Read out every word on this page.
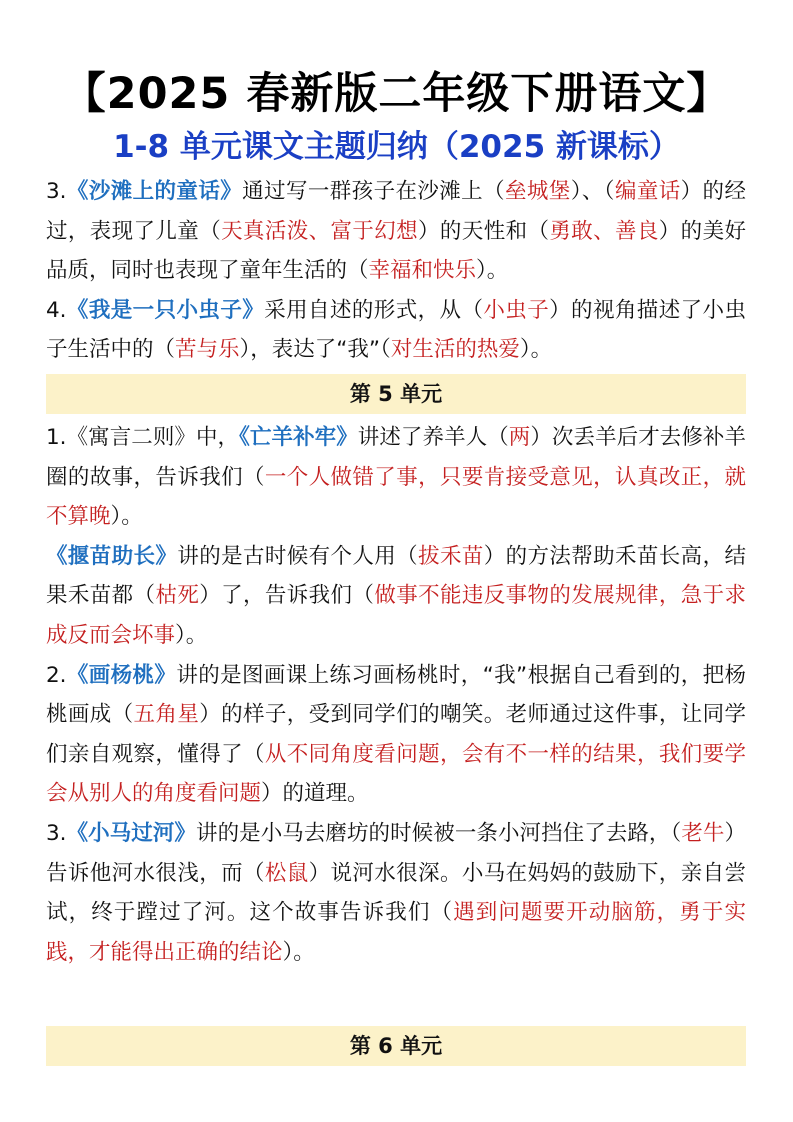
【2025 春新版二年级下册语文】
1-8 单元课文主题归纳（2025 新课标）

3.《沙滩上的童话》通过写一群孩子在沙滩上（垒城堡）、（编童话）的经过，表现了儿童（天真活泼、富于幻想）的天性和（勇敢、善良）的美好品质，同时也表现了童年生活的（幸福和快乐）。

4.《我是一只小虫子》采用自述的形式，从（小虫子）的视角描述了小虫子生活中的（苦与乐），表达了“我”（对生活的热爱）。

第 5 单元

1.《寓言二则》中，《亡羊补牢》讲述了养羊人（两）次丢羊后才去修补羊圈的故事，告诉我们（一个人做错了事，只要肯接受意见，认真改正，就不算晚）。

《揠苗助长》讲的是古时候有个人用（拔禾苗）的方法帮助禾苗长高，结果禾苗都（枯死）了，告诉我们（做事不能违反事物的发展规律，急于求成反而会坏事）。

2.《画杨桃》讲的是图画课上练习画杨桃时，“我”根据自己看到的，把杨桃画成（五角星）的样子，受到同学们的嘲笑。老师通过这件事，让同学们亲自观察，懂得了（从不同角度看问题，会有不一样的结果，我们要学会从别人的角度看问题）的道理。

3.《小马过河》讲的是小马去磨坊的时候被一条小河挡住了去路，（老牛）告诉他河水很浅，而（松鼠）说河水很深。小马在妈妈的鼓励下，亲自尝试，终于蹚过了河。这个故事告诉我们（遇到问题要开动脑筋，勇于实践，才能得出正确的结论）。

第 6 单元
